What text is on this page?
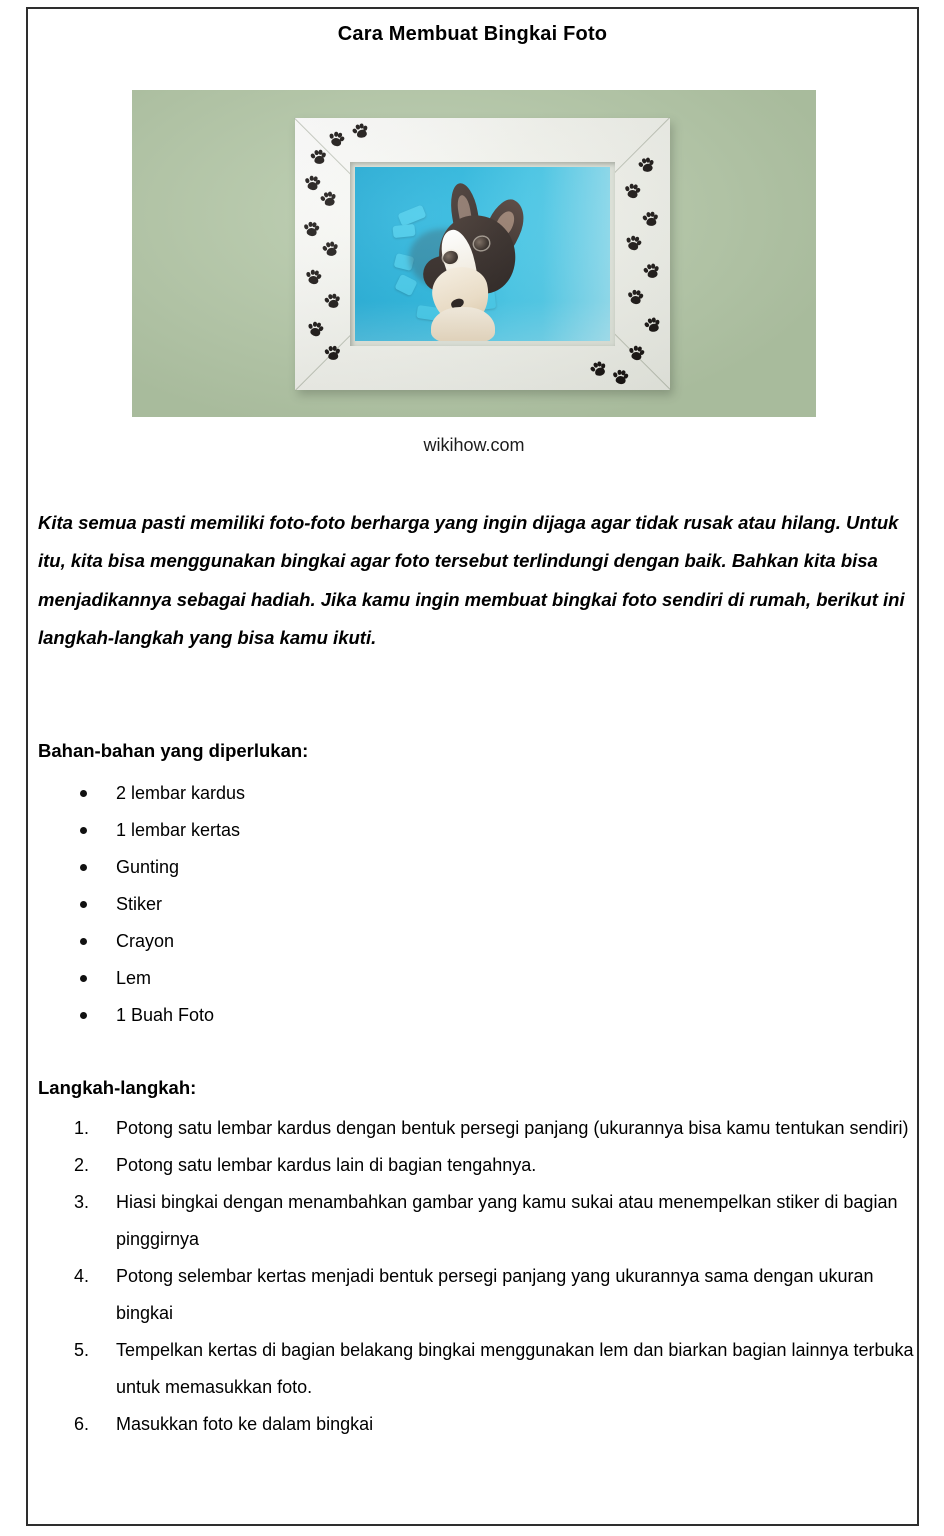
Cara Membuat Bingkai Foto
wikihow.com
Kita semua pasti memiliki foto-foto berharga yang ingin dijaga agar tidak rusak atau hilang. Untuk itu, kita bisa menggunakan bingkai agar foto tersebut terlindungi dengan baik. Bahkan kita bisa menjadikannya sebagai hadiah. Jika kamu ingin membuat bingkai foto sendiri di rumah, berikut ini langkah-langkah yang bisa kamu ikuti.
Bahan-bahan yang diperlukan:
2 lembar kardus
1 lembar kertas
Gunting
Stiker
Crayon
Lem
1 Buah Foto
Langkah-langkah:
Potong satu lembar kardus dengan bentuk persegi panjang (ukurannya bisa kamu tentukan sendiri)
Potong satu lembar kardus lain di bagian tengahnya.
Hiasi bingkai dengan menambahkan gambar yang kamu sukai atau menempelkan stiker di bagian pinggirnya
Potong selembar kertas menjadi bentuk persegi panjang yang ukurannya sama dengan ukuran bingkai
Tempelkan kertas di bagian belakang bingkai menggunakan lem dan biarkan bagian lainnya terbuka untuk memasukkan foto.
Masukkan foto ke dalam bingkai
